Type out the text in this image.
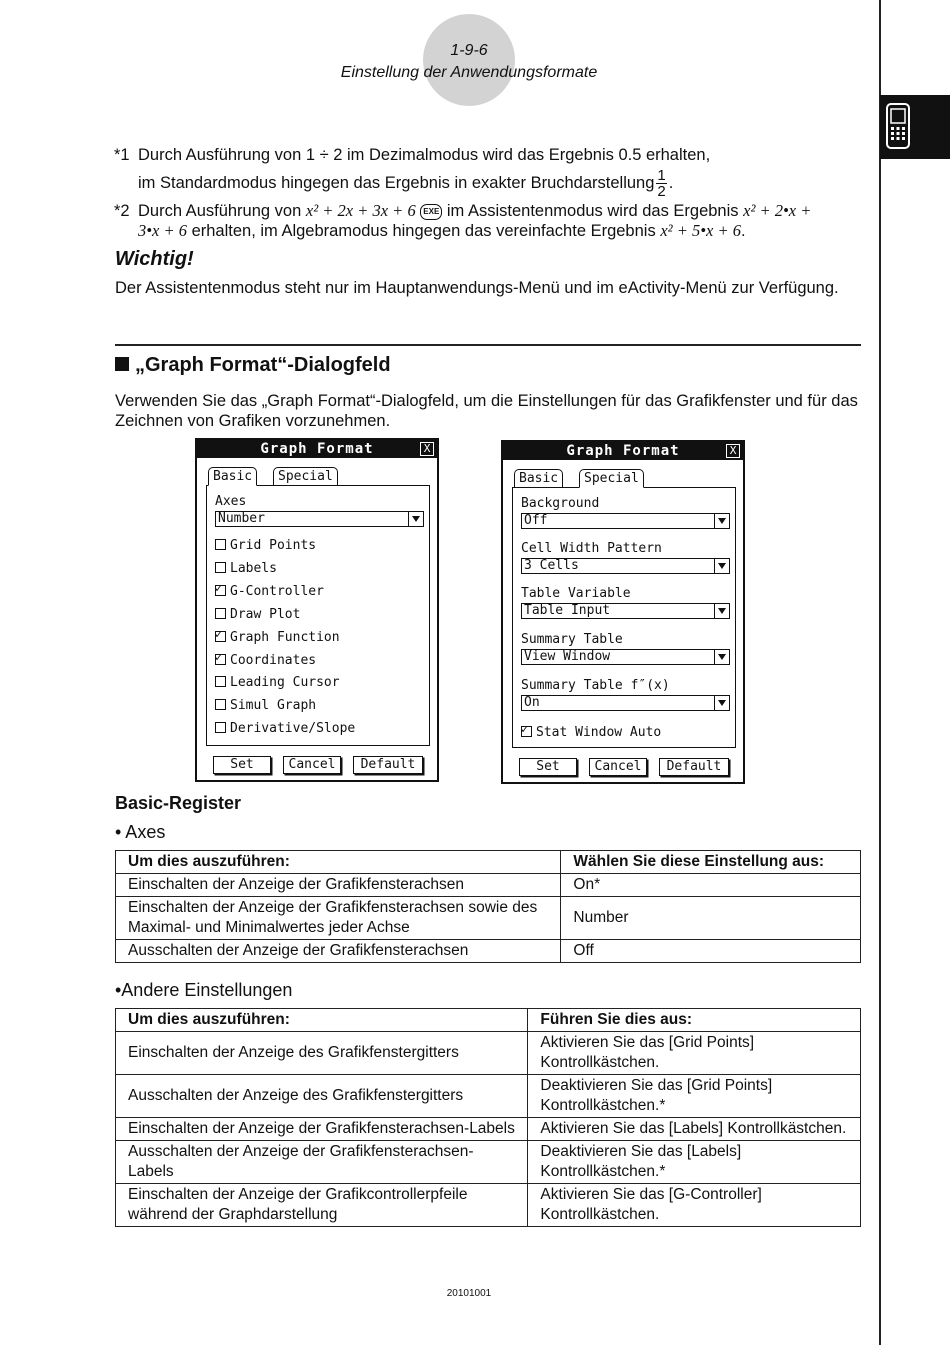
1-9-6
Einstellung der Anwendungsformate
*1 Durch Ausführung von 1 ÷ 2 im Dezimalmodus wird das Ergebnis 0.5 erhalten,
im Standardmodus hingegen das Ergebnis in exakter Bruchdarstellung $\frac{1}{2}$ .
*2 Durch Ausführung von x² + 2x + 3x + 6 EXE im Assistentenmodus wird das Ergebnis x² + 2•x +
3•x + 6 erhalten, im Algebramodus hingegen das vereinfachte Ergebnis x² + 5•x + 6.
Wichtig!
Der Assistentenmodus steht nur im Hauptanwendungs-Menü und im eActivity-Menü zur Verfügung.
„Graph Format“-Dialogfeld
Verwenden Sie das „Graph Format“-Dialogfeld, um die Einstellungen für das Grafikfenster und für das Zeichnen von Grafiken vorzunehmen.
Graph Format	X
Basic	Special
Axes
Number
Grid Points
Labels
✓G-Controller
Draw Plot
✓Graph Function
✓Coordinates
Leading Cursor
Simul Graph
Derivative/Slope
Set	Cancel	Default
Graph Format	X
Basic	Special
Background
Off
Cell Width Pattern
3 Cells
Table Variable
Table Input
Summary Table
View Window
Summary Table f″(x)
On
✓Stat Window Auto
Set	Cancel	Default
Basic-Register
• Axes
Um dies auszuführen:	Wählen Sie diese Einstellung aus:
Einschalten der Anzeige der Grafikfensterachsen	On*
Einschalten der Anzeige der Grafikfensterachsen sowie des Maximal- und Minimalwertes jeder Achse	Number
Ausschalten der Anzeige der Grafikfensterachsen	Off
•Andere Einstellungen
Um dies auszuführen:	Führen Sie dies aus:
Einschalten der Anzeige des Grafikfenstergitters	Aktivieren Sie das [Grid Points] Kontrollkästchen.
Ausschalten der Anzeige des Grafikfenstergitters	Deaktivieren Sie das [Grid Points] Kontrollkästchen.*
Einschalten der Anzeige der Grafikfensterachsen-Labels	Aktivieren Sie das [Labels] Kontrollkästchen.
Ausschalten der Anzeige der Grafikfensterachsen-Labels	Deaktivieren Sie das [Labels] Kontrollkästchen.*
Einschalten der Anzeige der Grafikcontrollerpfeile während der Graphdarstellung	Aktivieren Sie das [G-Controller] Kontrollkästchen.
20101001
